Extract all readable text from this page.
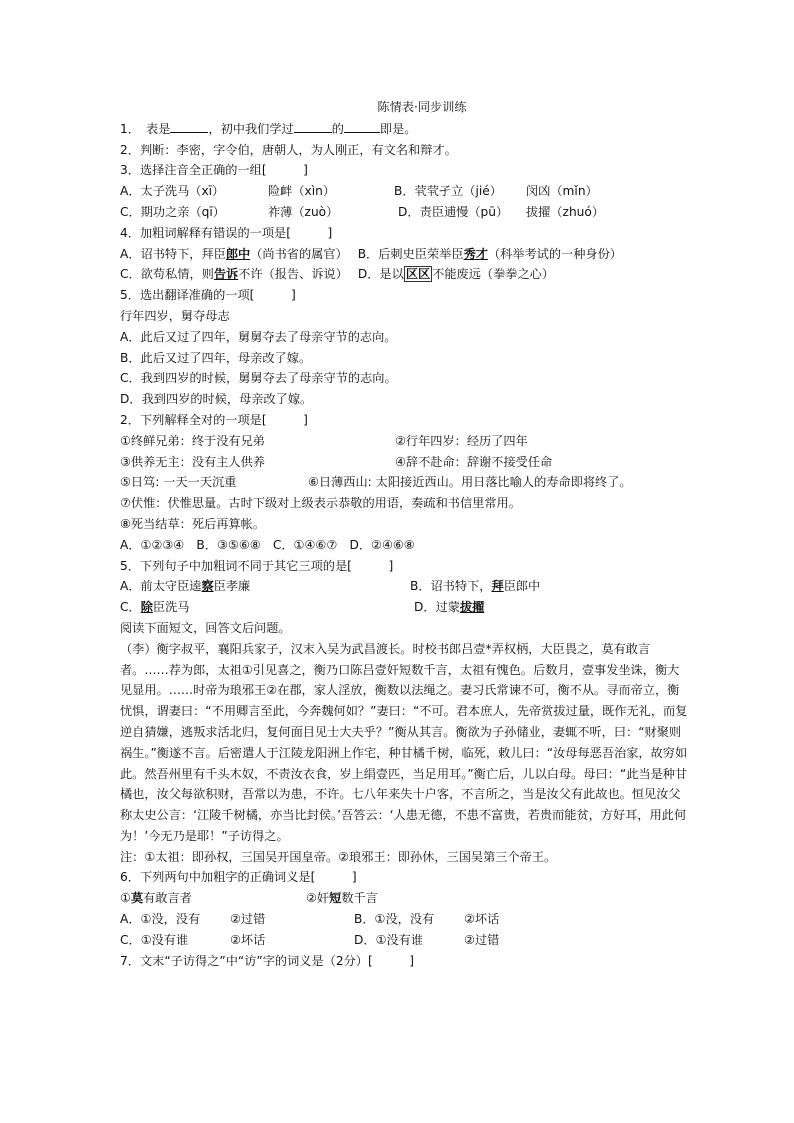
陈情表·同步训练
1．　表是	，初中我们学过	的	即是。
2．判断：李密，字令伯，唐朝人，为人刚正，有文名和辩才。
3．选择注音全正确的一组[　　　]
A．太子洗马（xī）	险衅（xìn）	B．茕茕孑立（jié）	闵凶（mǐn）
C．期功之亲（qī）	祚薄（zuò）	D．责臣逋慢（pū）	拔擢（zhuó）
4．加粗词解释有错误的一项是[　　　]
A．诏书特下，拜臣郎中（尚书省的属官）　 B．后刺史臣荣举臣秀才（科举考试的一种身份）
C．欲苟私情，则告诉不许（报告、诉说）　 D．是以 区区 不能废远（拳拳之心）
5．选出翻译准确的一项[　　　]
行年四岁，舅夺母志
A．此后又过了四年，舅舅夺去了母亲守节的志向。
B．此后又过了四年，母亲改了嫁。
C．我到四岁的时候，舅舅夺去了母亲守节的志向。
D．我到四岁的时候，母亲改了嫁。
2．下列解释全对的一项是[　　　]
①终鲜兄弟：终于没有兄弟	②行年四岁：经历了四年
③供养无主：没有主人供养	④辞不赴命：辞谢不接受任命
⑤日笃: 一天一天沉重	⑥日薄西山: 太阳接近西山。用日落比喻人的寿命即将终了。
⑦伏惟：伏惟思量。古时下级对上级表示恭敬的用语，奏疏和书信里常用。
⑧死当结草：死后再算帐。
A．①②③④　B．③⑤⑥⑧　C．①④⑥⑦　D．②④⑥⑧
5．下列句子中加粗词不同于其它三项的是[　　　]
A．前太守臣逵察臣孝廉	B．诏书特下，拜臣郎中
C．除臣洗马	D．过蒙拔擢
阅读下面短文，回答文后问题。

（李）衡字叔平，襄阳兵家子，汉末入吴为武昌渡长。时校书郎吕壹*弄权柄，大臣畏之，莫有敢言者。……荐为郎，太祖①引见喜之，衡乃口陈吕壹奸短数千言，太祖有愧色。后数月，壹事发坐诛，衡大见显用。……时帝为琅邪王②在郡，家人淫放，衡数以法绳之。妻习氏常谏不可，衡不从。寻而帝立，衡忧惧，谓妻曰：“不用卿言至此，今奔魏何如？”妻曰：“不可。君本庶人，先帝赏拔过量，既作无礼，而复逆自猜嫌，逃叛求活北归，复何面目见士大夫乎？”衡从其言。衡欲为子孙储业，妻辄不听，曰：“财聚则祸生。”衡遂不言。后密遣人于江陵龙阳洲上作宅，种甘橘千树，临死，敕儿曰：“汝母每恶吾治家，故穷如此。然吾州里有千头木奴，不责汝衣食，岁上绢壹匹，当足用耳。”衡亡后，儿以白母。母曰：“此当是种甘橘也，汝父每欲积财，吾常以为患，不许。七八年来失十户客，不言所之，当是汝父有此故也。恒见汝父称太史公言：‘江陵千树橘，亦当比封侯。’吾答云：‘人患无德，不患不富贵，若贵而能贫，方好耳，用此何为！’今无乃是耶！”子访得之。

注：①太祖：即孙权，三国吴开国皇帝。②琅邪王：即孙休，三国吴第三个帝王。
6．下列两句中加粗字的正确词义是[　　　]
①莫有敢言者	②奸短数千言
A．①没，没有	②过错	B．①没，没有	②坏话
C．①没有谁	②坏话	D．①没有谁	②过错
7．文末“子访得之”中“访”字的词义是（2分）[　　　]
